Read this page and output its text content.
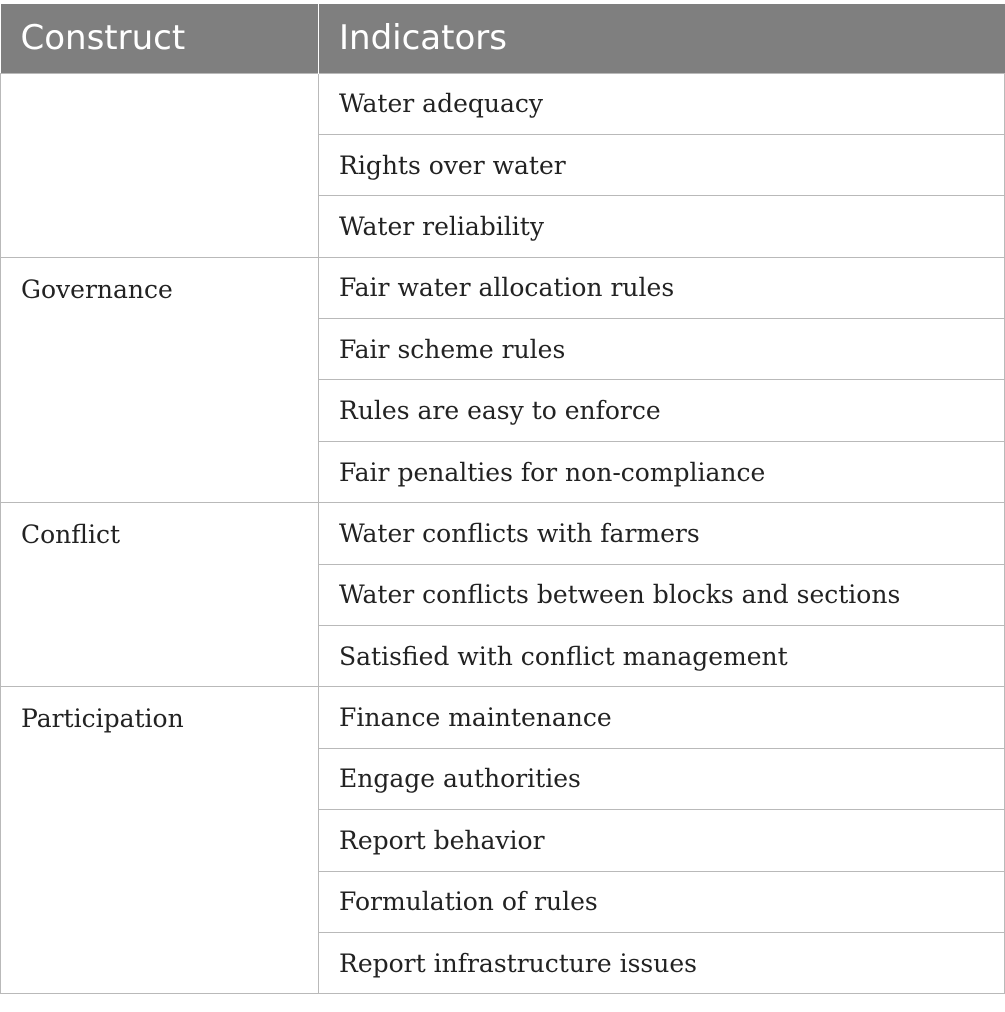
Construct	Indicators
	Water adequacy
	Rights over water
	Water reliability
Governance	Fair water allocation rules
	Fair scheme rules
	Rules are easy to enforce
	Fair penalties for non-compliance
Conflict	Water conflicts with farmers
	Water conflicts between blocks and sections
	Satisfied with conflict management
Participation	Finance maintenance
	Engage authorities
	Report behavior
	Formulation of rules
	Report infrastructure issues
